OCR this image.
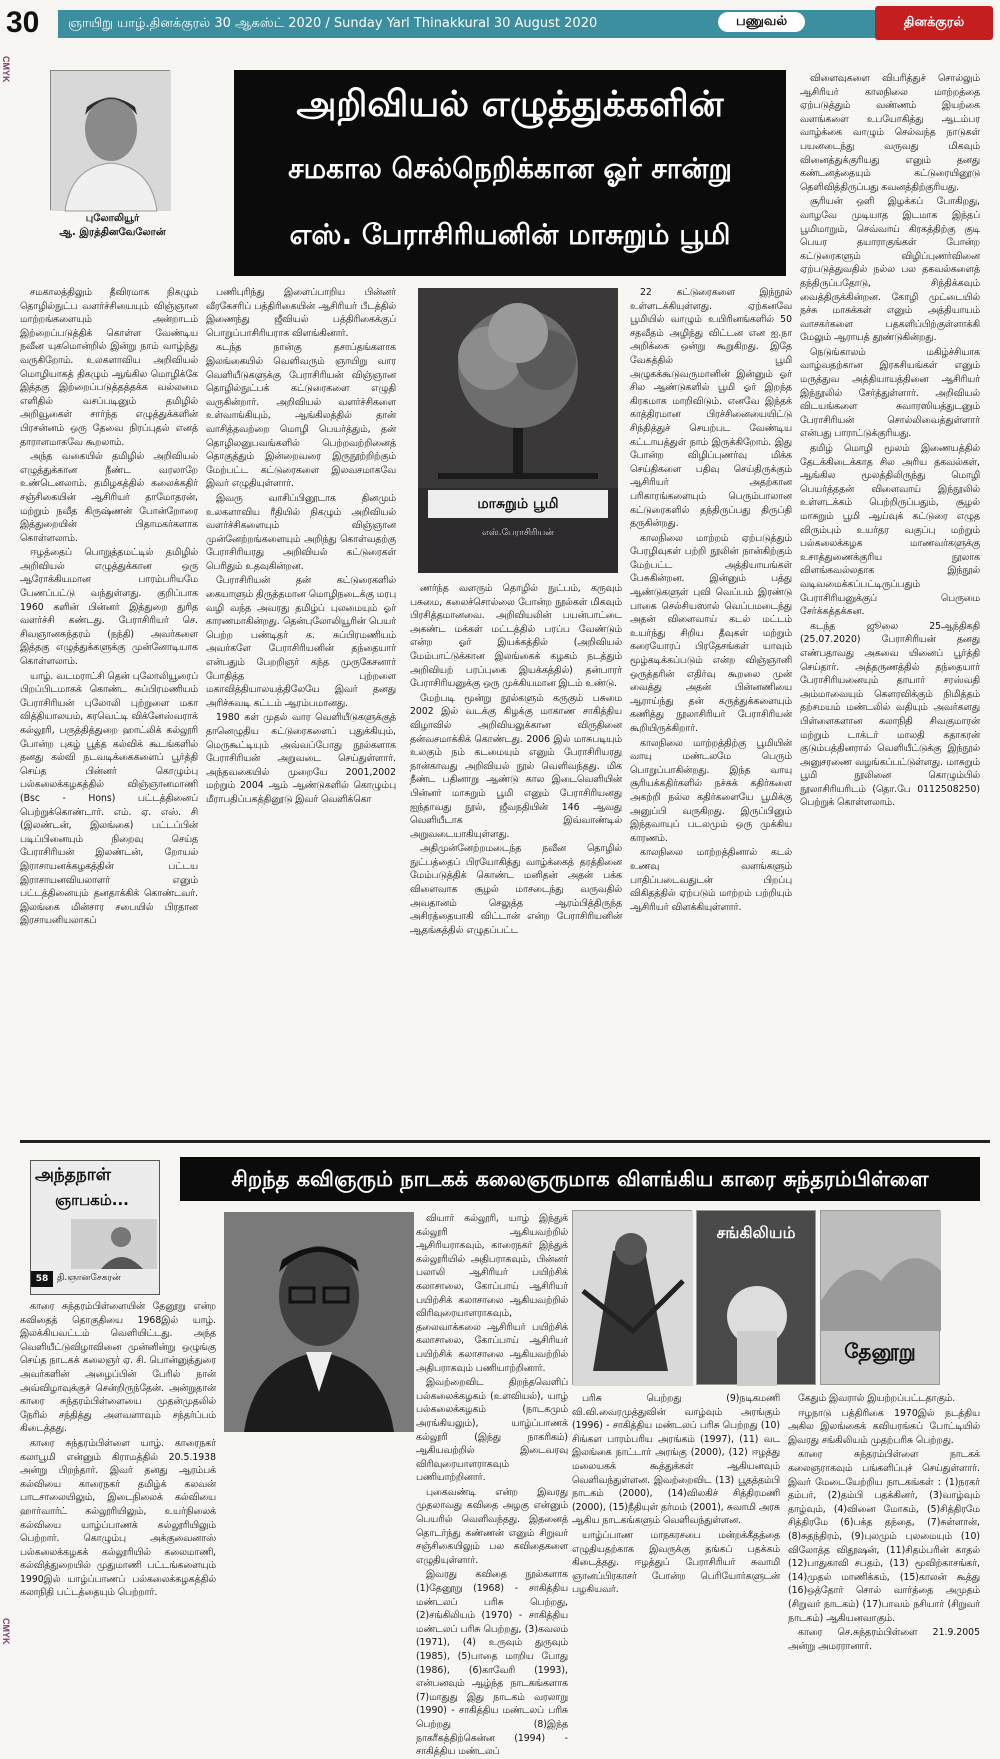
30	ஞாயிறு யாழ்.தினக்குரல் 30 ஆகஸ்ட் 2020 / Sunday Yarl Thinakkural 30 August 2020	பணுவல்	தினக்குரல்
CMYK
CMYK
புலோலியூர்
ஆ. இரத்தினவேலோன்
அறிவியல் எழுத்துக்களின்
சமகால செல்நெறிக்கான ஓர் சான்று
எஸ். பேராசிரியனின் மாசுறும் பூமி

சமகாலத்திலும் தீவிரமாக நிகழும் தொழில்நுட்ப வளர்ச்சியையும் விஞ்ஞான மாற்றங்களையும் அன்றாடம் இற்றைப்படுத்திக் கொள்ள வேண்டிய நவீன யுகமொன்றில் இன்று நாம் வாழ்ந்து வருகிறோம். உலகளாவிய அறிவியல் மொழியாகத் திகழும் ஆங்கில மொழிக்கே இத்தகு இற்றைப்படுத்தத்தக்க வல்லமை எளிதில் வசப்படினும் தமிழில் அறிவூகைள் சார்ந்த எழுத்துக்களின் பிரசன்னம் ஒரு தேவை நிரப்புதல் எனத் தாராளமாகவே கூறலாம்.

அந்த வகையில் தமிழில் அறிவியல் எழுத்துக்கான நீண்ட வரலாறே உண்டெனலாம். தமிழகத்தில் கலைக்கதிர் சஞ்சிகையின் ஆசிரியர் தாமோதரன், மற்றும் நவீத கிருஷ்ணன் போன்றோரை இத்துறையின் பிதாமகர்களாக கொள்ளலாம்.

ஈழத்தைப் பொறுத்தமட்டில் தமிழில் அறிவியல் எழுத்துக்கான ஒரு ஆரோக்கியமான பாரம்பரியமே பேணப்பட்டு வந்துள்ளது. குறிப்பாக 1960 களின் பின்னர் இத்துறை துரித வளர்ச்சி கண்டது. பேராசிரியர் செ. சிவஞானசுந்தரம் (நந்தி) அவர்களை இத்தகு எழுத்துக்களுக்கு முன்னோடியாக கொள்ளலாம்.

யாழ். வடமராட்சி தென் புலோலியூரைப் பிறப்பிடமாகக் கொண்ட சுப்பிரமணியம் பேராசிரியன் புலோலி புற்றுளை மகா வித்தியாலயம், கரவெட்டி விக்னேஸ்வராக் கல்லூரி, பருத்தித்துறை ஹாட்லிக் கல்லூரி போன்ற புகழ் பூத்த கல்விக் கூடங்களில் தனது கல்வி நடவடிக்கைகளைப் பூர்த்தி செய்த பின்னர் கொழும்பு பல்கலைக்கழகத்தில் விஞ்ஞானமாணி (Bsc - Hons) பட்டத்தினைப் பெற்றுக்கொண்டார். எம். ஏ. எஸ். சி (இலண்டன், இலங்கை) பட்டப்பின் படிப்பினையும் நிறைவு செய்த பேராசிரியன் இலண்டன், றோயல் இராசாயனக்கழகத்தின் பட்டய இராசாயனவியலாளர் எனும் பட்டத்தினையும் தனதாக்கிக் கொண்டவர். இலங்கை மின்சார சபையில் பிரதான இரசாயனியலாகப்

பணிபுரிந்து இளைப்பாறிய பின்னர் வீரகேசரிப் பத்திரிகையின் ஆசிரியர் பீடத்தில் இணைந்து ஜீவியல் பத்திரிகைக்குப் பொறுப்பாசிரியராக விளங்கினார்.

கடந்த நான்கு தசாப்தங்களாக இலங்கையில் வெளிவரும் ஞாயிறு வார வெளியீடுகளுக்கு பேராசிரியன் விஞ்ஞான தொழில்நுட்பக் கட்டுரைகளை எழுதி வருகின்றார். அறிவியல் வளர்ச்சிகளை உள்வாங்கியும், ஆங்கிலத்தில் தான் வாசித்தவற்றை மொழி பெயர்த்தும், தன் தொழிலனுபவங்களில் பெற்றவற்றினைத் தொகுத்தும் இன்றைவரை இருநூற்றிற்கும் மேற்பட்ட கட்டுரைகளை இலவசமாகவே இவர் எழுதியுள்ளார்.

இவரு வாசிப்பினூடாக தினமும் உலகளாவிய ரீதியில் நிகழும் அறிவியல் வளர்ச்சிகளையும் விஞ்ஞான முன்னேற்றங்களையும் அறிந்து கொள்வதற்கு பேராசிரியரது அறிவியல் கட்டுரைகள் பெரிதும் உதவுகின்றன.

பேராசிரியன் தன் கட்டுரைகளில் கையாளும் திருத்தமான மொழிநடைக்கு மரபு வழி வந்த அவரது தமிழ்ப் புலமையும் ஓர் காரணமாகின்றது. தென்புலோலியூரின் பெயர் பெற்ற பண்டிதர் க. சுப்பிரமணியம் அவர்களே பேராசிரியனின் தந்தையார் என்பதும் பேறறிஞர் கந்த முருகேசனார் போதித்த புற்றளை மகாவித்தியாலயத்திலேயே இவர் தனது அரிச்சுவடி கட்டம் ஆரம்பமானது.

1980 கள் முதல் வார வெளியீடுகளுக்குத் தானெழுதிய கட்டுரைகளைப் புதுக்கியும், மெருகூட்டியும் அவ்வப்போது நூல்களாக பேராசிரியன் அறுவடை செய்துள்ளார். அந்தவகையில் முறையே 2001,2002 மற்றும் 2004 ஆம் ஆண்டுகளில் கொழும்பு மீராபதிப்பகத்தினூடு இவர் வெளிக்கொ

மாசுறும் பூமி
எஸ்.பேராசிரியன்

ணர்ந்த வளரும் தொழில் நுட்பம், கருவும் பசுமை, கலைச்சொல்லை போன்ற நூல்கள் மிகவும் பிரசித்தமானவை. அறிவியலின் பயன்பாட்டை அகண்ட மக்கள் மட்டத்தில் பரப்ப வேண்டும் என்ற ஓர் இயக்கத்தில் (அறிவியல் மேம்பாட்டுக்கான இலங்கைக் கழகம் நடத்தும் அறிவியற் பரப்புகை இயக்கத்தில்) தன்பாரர் பேராசிரியனுக்கு ஒரு முக்கியமான இடம் உண்டு.

மேற்படி மூன்று நூல்களும் கருகும் பசுமை 2002 இல் வடக்கு கிழக்கு மாகாண சாகித்திய விழாவில் அறிவியலுக்கான விருதினை தன்வசமாக்கிக் கொண்டது. 2006 இல் மாசுபடியும் உலகும் நம் கடமையும் எனும் பேராசிரியரது நான்காவது அறிவியல் நூல் வெளிவந்தது. மிக நீண்ட பதினாறு ஆண்டு கால இடைவெளியின் பின்னர் மாசுறும் பூமி எனும் பேராசிரியனது ஐந்தாவது நூல், ஜீவநதியின் 146 ஆவது வெளியீடாக இவ்வாண்டில் அறுவடையாகியுள்ளது.

அதிமுன்னேற்றமடைந்த நவீன தொழில் நுட்பத்தைப் பிரயோகித்து வாழ்க்கைத் தரத்தினை மேம்படுத்திக் கொண்ட மனிதன் அதன் பக்க விளைவாக சூழல் மாசடைந்து வருவதில் அவதானம் செலுத்த ஆரம்பித்திருந்த அசிரத்தையாகி விட்டான் என்ற பேராசிரியனின் ஆதங்கத்தில் எழுதப்பட்ட

22 கட்டுரைகளை இந்நூல் உள்ளடக்கியுள்ளது. ஏற்கனவே பூமியில் வாழும் உயிரினங்களில் 50 சதவீதம் அழிந்து விட்டன என ஐ.நா அறிக்கை ஒன்று கூறுகிறது. இதே வேகத்தில் பூமி அழுகக்கூடுவருமானின் இன்னும் ஓர் சில ஆண்டுகளில் பூமி ஓர் இறந்த கிரகமாக மாறிவிடும். எனவே இந்தக் காத்திரமான பிரச்சினையையிட்டு சிந்தித்துச் செயற்பட வேண்டிய கட்டாயத்துள் நாம் இருக்கிறோம். இது போன்ற விழிப்புணர்வு மிக்க செய்திகளை பதிவு செய்திருக்கும் ஆசிரியர் அதற்கான பரிகாரங்களையும் பெரும்பாலான கட்டுரைகளில் தந்திருப்பது திருப்தி தருகின்றது.

காலநிலை மாற்றம் ஏற்படுத்தும் பேரழிவுகள் பற்றி நூலின் நான்கிற்கும் மேற்பட்ட அத்தியாயங்கள் பேசுகின்றன. இன்னும் பத்து ஆண்டுகளுள் புவி வெப்பம் இரண்டு பாகை செல்சியஸால் வெப்பமடைந்து அதன் விளைவாய் கடல் மட்டம் உயர்ந்து சிறிய தீவுகள் மற்றும் கரையோரப் பிரதேசங்கள் யாவும் மூழ்கடிக்கப்படும் என்ற விஞ்ஞானி ஒருத்தரின் எதிர்வு கூறலை முன் வைத்து அதன் பின்னணியை ஆராய்ந்து தன் கருத்துக்களையும் கணித்து நூலாசிரியர் பேராசிரியன் கூறியிருக்கிறார்.

காலநிலை மாற்றத்திற்கு பூமியின் வாயு மண்டலமே பெரும் பொறுப்பாகின்றது. இந்த வாயு சூரியக்கதிர்களில் நச்சுக் கதிர்களை அகற்றி நல்ல கதிர்களையே பூமிக்கு அனுப்பி வருகிறது. இருப்பினும் இந்தவாயுப் படலமும் ஒரு முக்கிய காரணம்.

காலநிலை மாற்றத்தினால் கடல் உணவு வளங்களும் பாதிப்படைவதுடன் பிறப்பு விகிதத்தில் ஏற்படும் மாற்றம் பற்றியும் ஆசிரியர் விளக்கியுள்ளார்.

விளைவுகளை விபரித்துச் சொல்லும் ஆசிரியர் காலநிலை மாற்றத்தை ஏற்படுத்தும் வண்ணம் இயற்கை வளங்களை உபயோகித்து ஆடம்பர வாழ்க்கை வாழும் செல்வந்த நாடுகள் பயனடைந்து வருவது மிகவும் வினைத்துக்குரியது எனும் தனது கண்டனத்தையும் கட்டுரையினூடு தெளிவித்திருப்பது கவனத்திற்குரியது.

சூரியன் ஒளி இழக்கப் போகிறது, வாழவே முடியாத இடமாக இந்தப் பூமிமாறும், செவ்வாய் கிரகத்திற்கு குடி பெயர தயாராகுங்கள் போன்ற கட்டுரைகளும் விழிப்புணர்வினை ஏற்படுத்துவதில் நல்ல பல தகவல்களைத் தந்திருப்பதோடு, சிந்திக்கவும் வைத்திருக்கின்றன. கோழி முட்டையில் நச்சு மாசுக்கள் எனும் அத்தியாயம் வாசகர்களை பதகளிப்பிற்குள்ளாக்கி மேலும் ஆராயத் தூண்டுகின்றது.

நெடுங்காலம் மகிழ்ச்சியாக வாழ்வதற்கான இரகசியங்கள் எனும் மருத்துவ அத்தியாயத்தினை ஆசிரியர் இந்நூலில் சேர்த்துள்ளார். அறிவியல் விடயங்களை சுவாரஸியத்துடனும் பேராசிரியன் சொல்லிவைத்துள்ளார் என்பது பாராட்டுக்குரியது.

தமிழ் மொழி மூலம் இணையத்தில் தேடக்கிடைக்காத சில அரிய தகவல்கள், ஆங்கில மூலத்திலிருந்து மொழி பெயர்த்ததன் விளைவாய் இந்நூலில் உள்ளடக்கம் பெற்றிருப்பதும், சூழல் மாசுறும் பூமி ஆய்வுக் கட்டுரை எழுத விரும்பும் உயர்தர வகுப்பு மற்றும் பல்கலைக்கழக மாணவர்களுக்கு உசாத்துணைக்குரிய நூலாக விளங்கவல்லதாக இந்நூல் வடிவமைக்கப்பட்டிருப்பதும் பேராசிரியனுக்குப் பெருமை சேர்க்கத்தக்கன.

கடந்த ஜூலை 25ஆந்திகதி (25.07.2020) பேராசிரியன் தனது எண்பதாவது அகவை யினைப் பூர்த்தி செய்தார். அத்தருணத்தில் தந்தையார் பேராசிரியனையும் தாயார் சரஸ்வதி அம்மாவையும் கௌரவிக்கும் நிமித்தம் தற்சமயம் மண்டலில் வதியும் அவர்களது பிள்ளைகளான கலாநிதி சிவகுமாரன் மற்றும் டாக்டர் மாலதி கதாகரன் குடும்பத்தினரால் வெளியீட்டுக்கு இந்நூல் அனுசரணை வழங்கப்பட்டுள்ளது. மாசுறும் பூமி நூலினை கொழும்பில் நூலாசிரியரிடம் (தொ.பே 0112508250) பெற்றுக் கொள்ளலாம்.

அந்தநாள்
ஞாபகம்...
58 தி.ஞானசேகரன்
சிறந்த கவிஞரும் நாடகக் கலைஞருமாக விளங்கிய காரை சுந்தரம்பிள்ளை

காரை சுந்தரம்பிள்ளையின் தேனூறு என்ற கவிதைத் தொகுதியை 1968இல் யாழ். இலக்கியவட்டம் வெளியிட்டது. அந்த வெளியீட்டுவிழாவினை முன்னின்று ஒழுங்கு செய்த நாடகக் கலைஞர் ஏ. சி. பொன்னுத்துரை அவர்களின் அழைப்பின் பேரில் நான் அவ்விழாவுக்குச் சென்றிருந்தேன். அன்றுதான் காரை சுந்தரம்பிள்ளையை முதன்முதலில் நேரில் சந்தித்து அளவளாவும் சந்தர்ப்பம் கிடைத்தது.

காரை சுந்தரம்பிள்ளை யாழ். காரைநகர் கலாபூமி என்னும் கிராமத்தில் 20.5.1938 அன்று பிறந்தார். இவர் தனது ஆரம்பக் கல்வியை காரைநகர் தமிழ்க் கலவன் பாடசாலையிலும், இடைநிலைக் கல்வியை ஹார்வார்ட் கல்லூரியிலும், உயர்நிலைக் கல்வியை யாழ்ப்பாணக் கல்லூரியிலும் பெற்றார். கொழும்பு அக்குவைனாஸ் பல்கலைக்கழகக் கல்லூரியில் கலைமாணி, கல்வித்துறையில் முதுமாணி பட்டங்களையும் 1990இல் யாழ்ப்பாணப் பல்கலைக்கழகத்தில் கலாநிதி பட்டத்தையும் பெற்றார்.

வியார் கல்லூரி, யாழ் இந்துக் கல்லூரி ஆகியவற்றில் ஆசிரியராகவும், காரைநகர் இந்துக் கல்லூரியில் அதிபராகவும், பின்னர் பலாலி ஆசிரியர் பயிற்சிக் கலாசாலை, கோப்பாய் ஆசிரியர் பயிற்சிக் கலாசாலை ஆகியவற்றில் விரிவுரையாளராகவும், தலைவாக்கலை ஆசிரியர் பயிற்சிக் கலாசாலை, கோப்பாய் ஆசிரியர் பயிற்சிக் கலாசாலை ஆகியவற்றில் அதிபராகவும் பணியாற்றினார்.

இவற்றைவிட திறந்தவெளிப் பல்கலைக்கழகம் (உளவியல்), யாழ் பல்கலைக்கழகம் (நாடகமும் அரங்கியலும்), யாழ்ப்பாணக் கல்லூரி (இந்து நாகரிகம்) ஆகியவற்றில் இடைவரவு விரிவுரையாளராகவும் பணியாற்றினார்.

புகைவண்டி என்ற இவரது முதலாவது கவிதை அழகு என்னும் பெயரில் வெளிவந்தது. இதனைத் தொடர்ந்து கண்ணன் எனும் சிறுவர் சஞ்சிகையிலும் பல கவிதைகளை எழுதியுள்ளார்.

இவரது கவிதை நூல்களாக (1)தேனூறு (1968) - சாகித்திய மண்டலப் பரிசு பெற்றது, (2)சங்கிலியம் (1970) - சாகித்திய மண்டலப் பரிசு பெற்றது, (3)கவலம் (1971), (4) உருவும் துருவும் (1985), (5)பாதை மாறிய போது (1986), (6)காவேரி (1993), என்பனவும் ஆழ்ந்த நாடகங்களாக (7)மாதுது இது நாடகம் வரலாறு (1990) - சாகித்திய மண்டலப் பரிசு பெற்றது (8)இந்த நாகரீகத்திற்கென்ன (1994) - சாகித்திய மண்டலப்

சங்கிலியம்
தேனூறு

பரிசு பெற்றது (9)நடிகமணி வி.வி.வைரமுத்துவின் வாழ்வும் அரங்கும் (1996) - சாகித்திய மண்டலப் பரிசு பெற்றது (10) சிங்கள பாரம்பரிய அரங்கம் (1997), (11) வட இலங்கை நாட்டார் அரங்கு (2000), (12) ஈழத்து மலையகக் கூத்துக்கள் ஆகியனவும் வெளிவந்துள்ளன. இவற்றைவிட (13) பூதத்தம்பி நாடகம் (2000), (14)விலகிச் சித்திரமணி (2000), (15)நீதியுள் தர்மம் (2001), சுவாமி அரசு ஆகிய நாடகங்களும் வெளிவந்துள்ளன.

யாழ்ப்பாண மாநகரசபை மன்றக்கீதத்தை எழுதியதற்காக இவருக்கு தங்கப் பதக்கம் கிடைத்தது. ஈழத்துப் பேராசிரியர் சுவாமி ஞானப்பிரகாசர் போன்ற பெரியோர்களுடன் பழகியவர்.

கேதும் இவரால் இயற்றப்பட்டதாகும்.

ஈழநாடு பத்திரிகை 1970இல் நடத்திய அகில இலங்கைக் கவியரங்கப் போட்டியில் இவரது சங்கிலியம் முதற்பரிசு பெற்றது.

காரை சுந்தரம்பிள்ளை நாடகக் கலைஞராகவும் பங்களிப்புச் செய்துள்ளார். இவர் மேடையேற்றிய நாடகங்கள் : (1)நரகர் தம்பர், (2)தம்பி பதக்கினர், (3)வாழ்வும் தாழ்வும், (4)வினை மோகம், (5)சித்திரமே சித்திரமே (6)பக்த தந்தை, (7)சுள்ளான், (8)சுதந்திரம், (9)புலமும் புலமையும் (10) விலோத்த விதூஷன், (11)சிதம்பரின் காதல் (12)பாதுகாவி சபதம், (13) மூவிற்காசங்கர், (14)முதல் மாணிக்கம், (15)காலன் கூத்து (16)ஒத்தோர் சொல் வார்த்தை அமுதம் (சிறுவர் நாடகம்) (17)பாவம் நசியார் (சிறுவர் நாடகம்) ஆகியனவாகும்.

காரை செ.சுந்தரம்பிள்ளை 21.9.2005 அன்று அமரரானார்.
